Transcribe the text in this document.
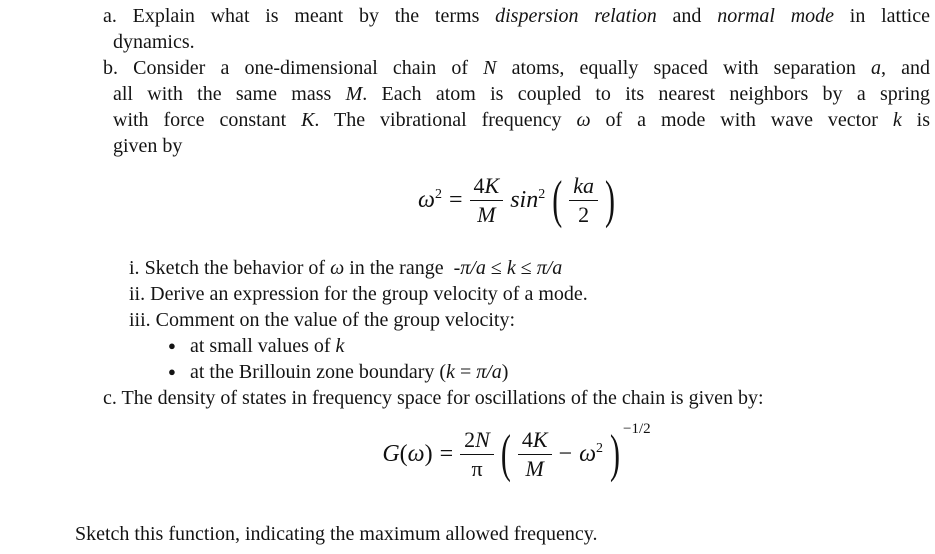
a. Explain what is meant by the terms dispersion relation and normal mode in lattice
dynamics.
b. Consider a one-dimensional chain of N atoms, equally spaced with separation a, and
all with the same mass M. Each atom is coupled to its nearest neighbors by a spring
with force constant K. The vibrational frequency ω of a mode with wave vector k is
given by
$\omega^2 = \frac{4K}{M} \sin^2$ ( $\frac{ka}{2}$ )
i. Sketch the behavior of ω in the range  -π/a ≤ k ≤ π/a
ii. Derive an expression for the group velocity of a mode.
iii. Comment on the value of the group velocity:
● at small values of k
● at the Brillouin zone boundary (k = π/a)
c. The density of states in frequency space for oscillations of the chain is given by:
$G(\omega) = \frac{2N}{\pi}$ ( $\frac{4K}{M} - \omega^2$ ) −1/2
Sketch this function, indicating the maximum allowed frequency.
